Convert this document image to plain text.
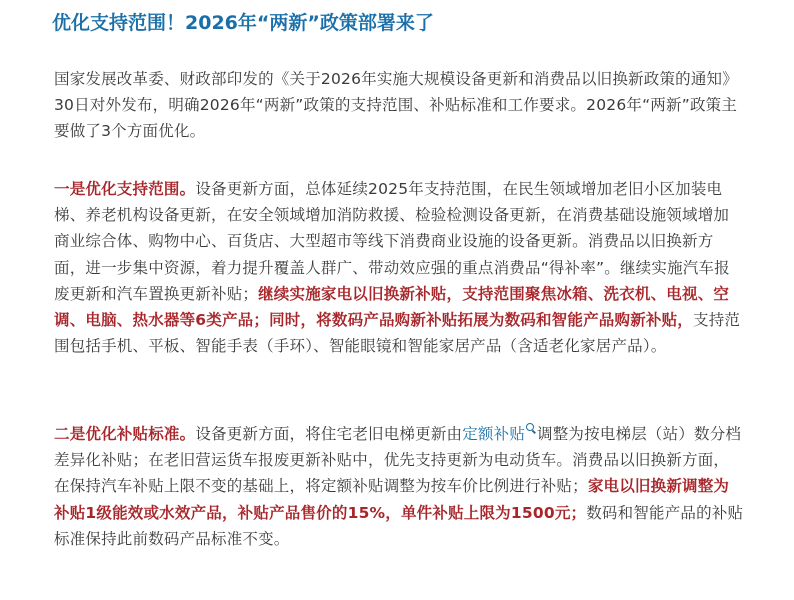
优化支持范围！2026年“两新”政策部署来了

国家发展改革委、财政部印发的《关于2026年实施大规模设备更新和消费品以旧换新政策的通知》30日对外发布，明确2026年“两新”政策的支持范围、补贴标准和工作要求。2026年“两新”政策主要做了3个方面优化。

一是优化支持范围。设备更新方面，总体延续2025年支持范围，在民生领域增加老旧小区加装电梯、养老机构设备更新，在安全领域增加消防救援、检验检测设备更新，在消费基础设施领域增加商业综合体、购物中心、百货店、大型超市等线下消费商业设施的设备更新。消费品以旧换新方面，进一步集中资源，着力提升覆盖人群广、带动效应强的重点消费品“得补率”。继续实施汽车报废更新和汽车置换更新补贴；继续实施家电以旧换新补贴，支持范围聚焦冰箱、洗衣机、电视、空调、电脑、热水器等6类产品；同时，将数码产品购新补贴拓展为数码和智能产品购新补贴，支持范围包括手机、平板、智能手表（手环）、智能眼镜和智能家居产品（含适老化家居产品）。

二是优化补贴标准。设备更新方面，将住宅老旧电梯更新由定额补贴 调整为按电梯层（站）数分档差异化补贴；在老旧营运货车报废更新补贴中，优先支持更新为电动货车。消费品以旧换新方面，在保持汽车补贴上限不变的基础上，将定额补贴调整为按车价比例进行补贴；家电以旧换新调整为补贴1级能效或水效产品，补贴产品售价的15%，单件补贴上限为1500元；数码和智能产品的补贴标准保持此前数码产品标准不变。
